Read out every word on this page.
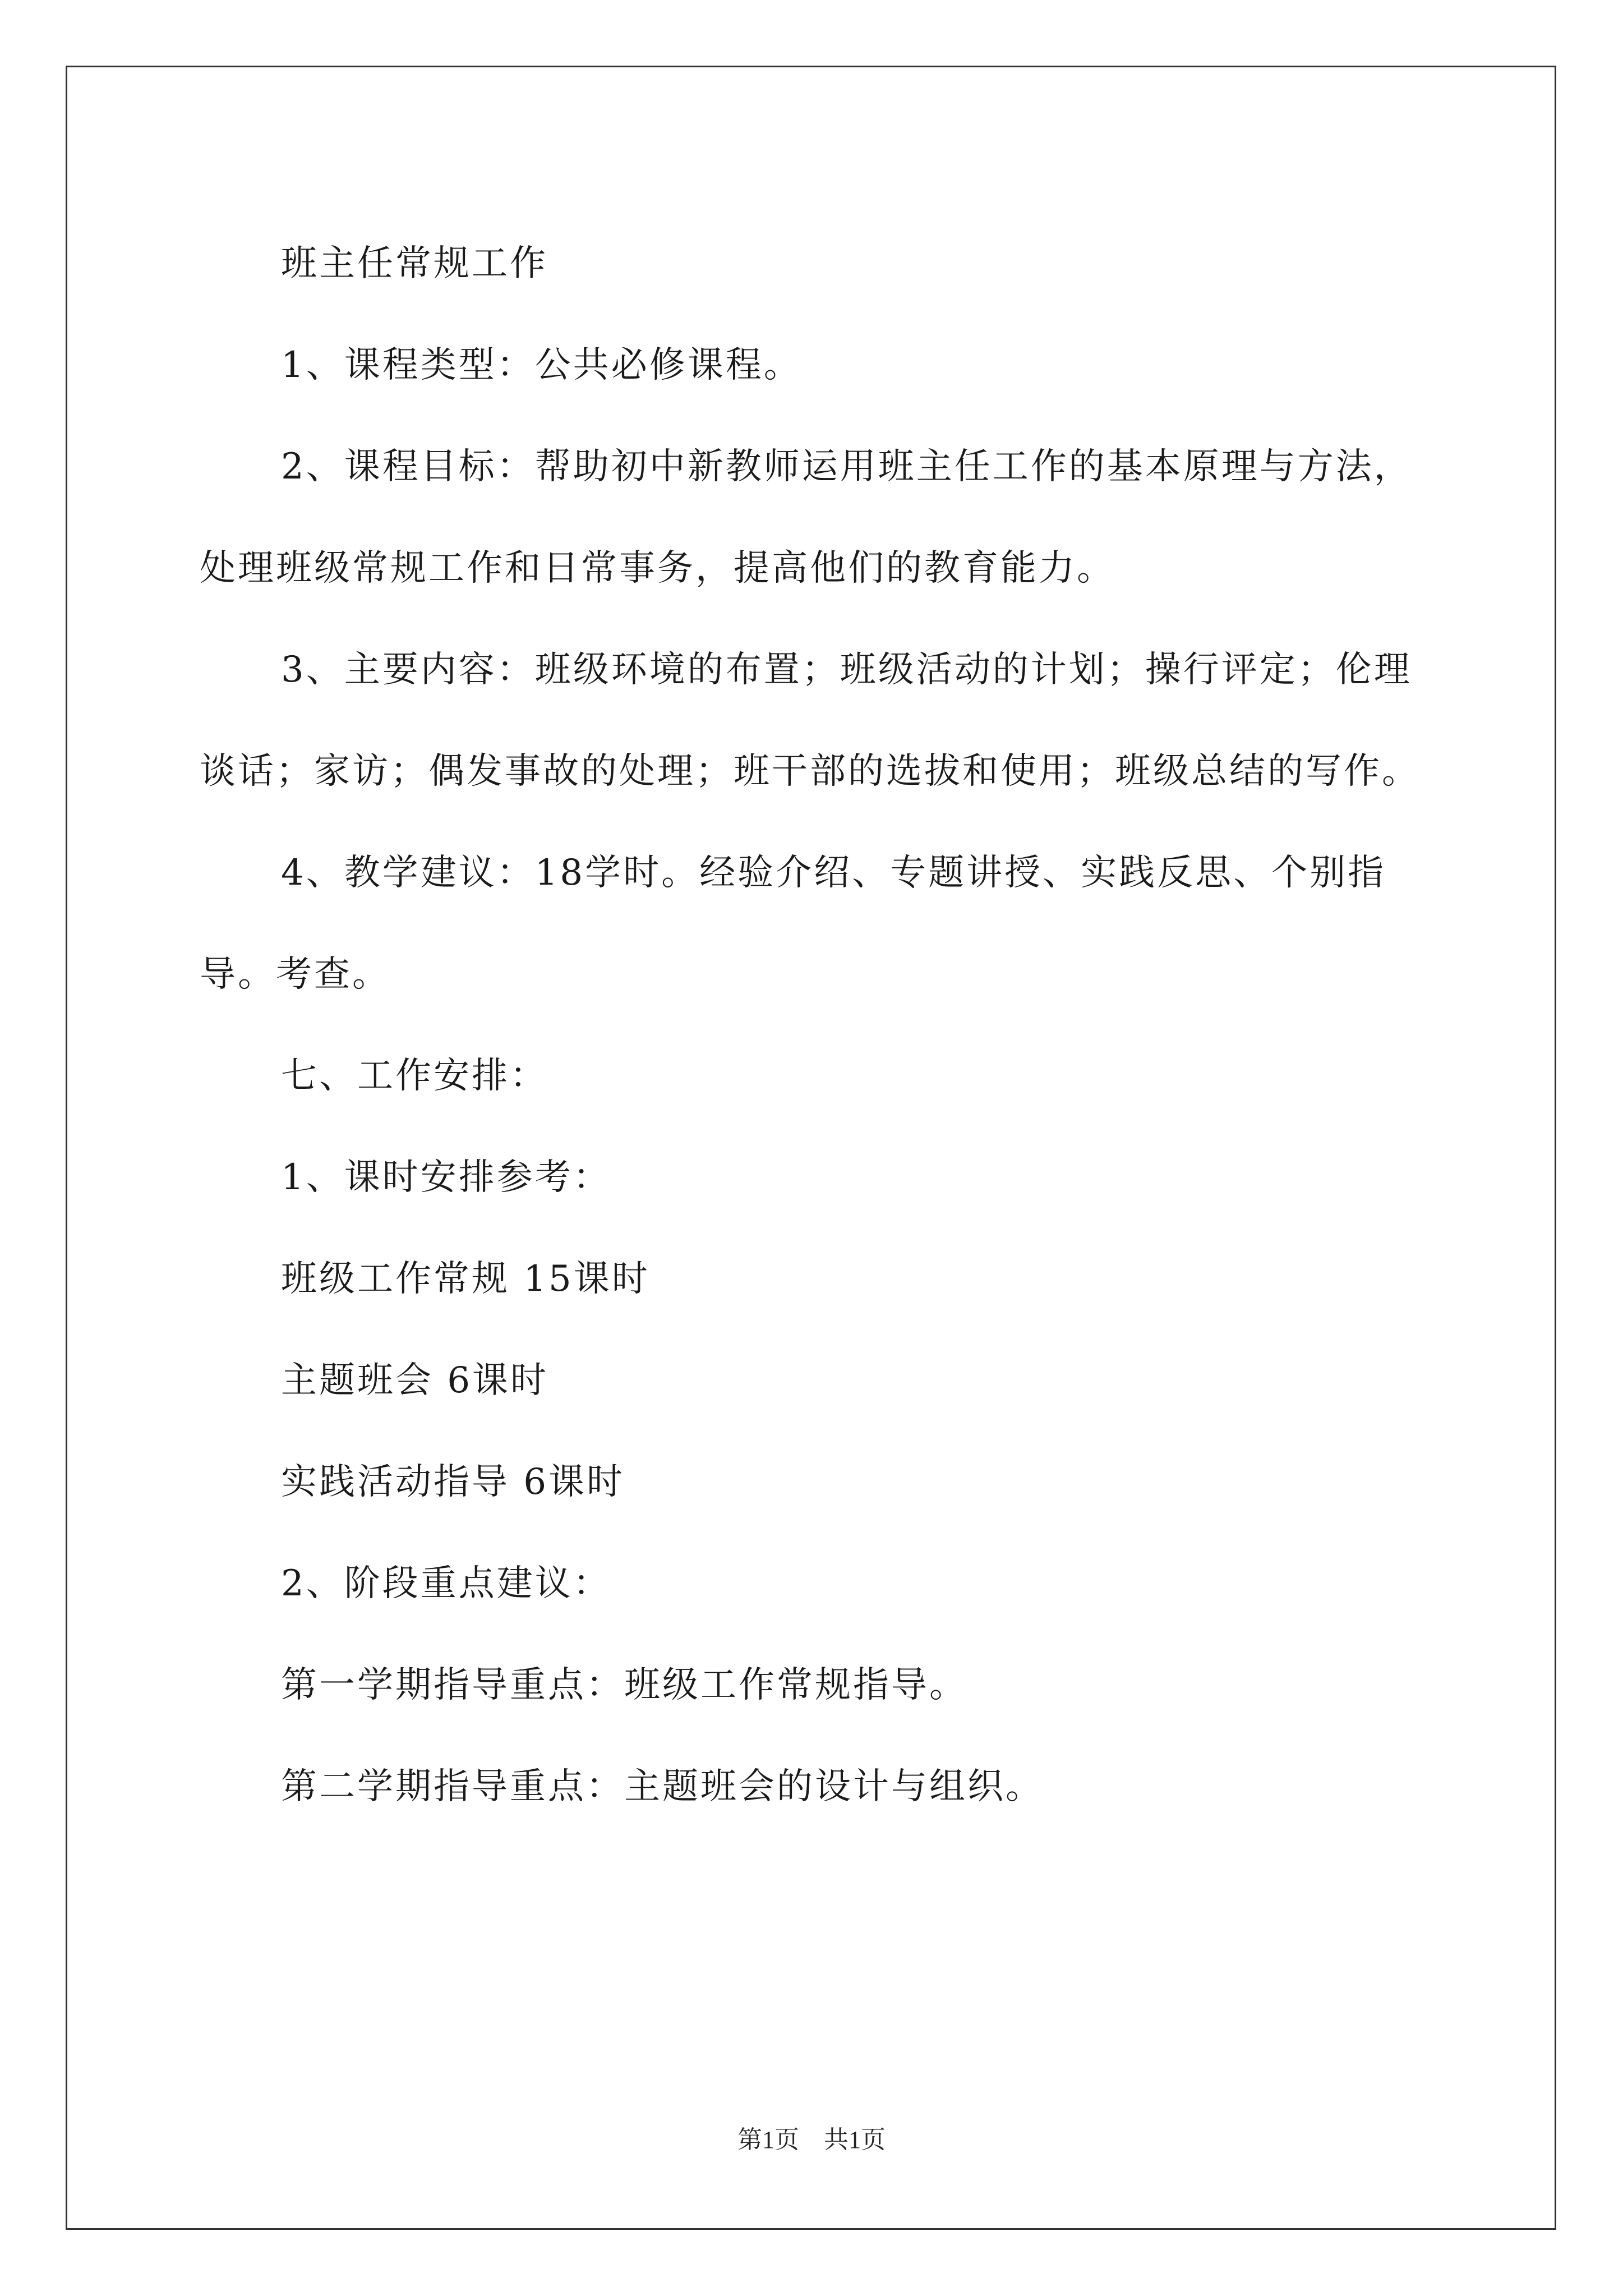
班主任常规工作

1、课程类型：公共必修课程。

2、课程目标：帮助初中新教师运用班主任工作的基本原理与方法，处理班级常规工作和日常事务，提高他们的教育能力。

3、主要内容：班级环境的布置；班级活动的计划；操行评定；伦理谈话；家访；偶发事故的处理；班干部的选拔和使用；班级总结的写作。

4、教学建议：18学时。经验介绍、专题讲授、实践反思、个别指导。考查。

七、工作安排：

1、课时安排参考：

班级工作常规 15课时

主题班会 6课时

实践活动指导 6课时

2、阶段重点建议：

第一学期指导重点：班级工作常规指导。

第二学期指导重点：主题班会的设计与组织。

第1页　共1页
